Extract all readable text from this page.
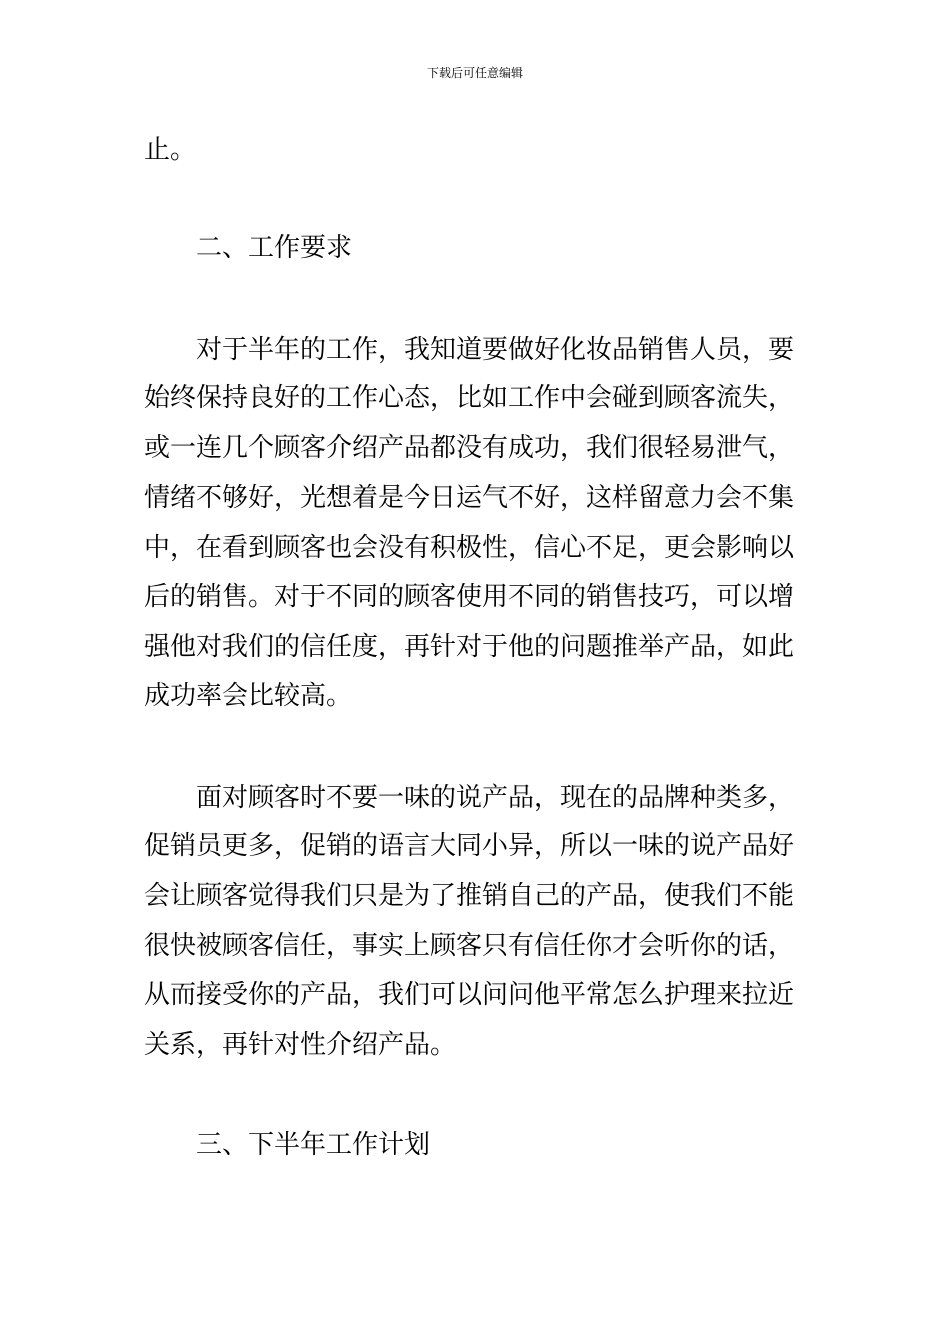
下载后可任意编辑
止。
二、工作要求
对于半年的工作，我知道要做好化妆品销售人员，要
始终保持良好的工作心态，比如工作中会碰到顾客流失，
或一连几个顾客介绍产品都没有成功，我们很轻易泄气，
情绪不够好，光想着是今日运气不好，这样留意力会不集
中，在看到顾客也会没有积极性，信心不足，更会影响以
后的销售。对于不同的顾客使用不同的销售技巧，可以增
强他对我们的信任度，再针对于他的问题推举产品，如此
成功率会比较高。
面对顾客时不要一味的说产品，现在的品牌种类多，
促销员更多，促销的语言大同小异，所以一味的说产品好
会让顾客觉得我们只是为了推销自己的产品，使我们不能
很快被顾客信任，事实上顾客只有信任你才会听你的话，
从而接受你的产品，我们可以问问他平常怎么护理来拉近
关系，再针对性介绍产品。
三、下半年工作计划
